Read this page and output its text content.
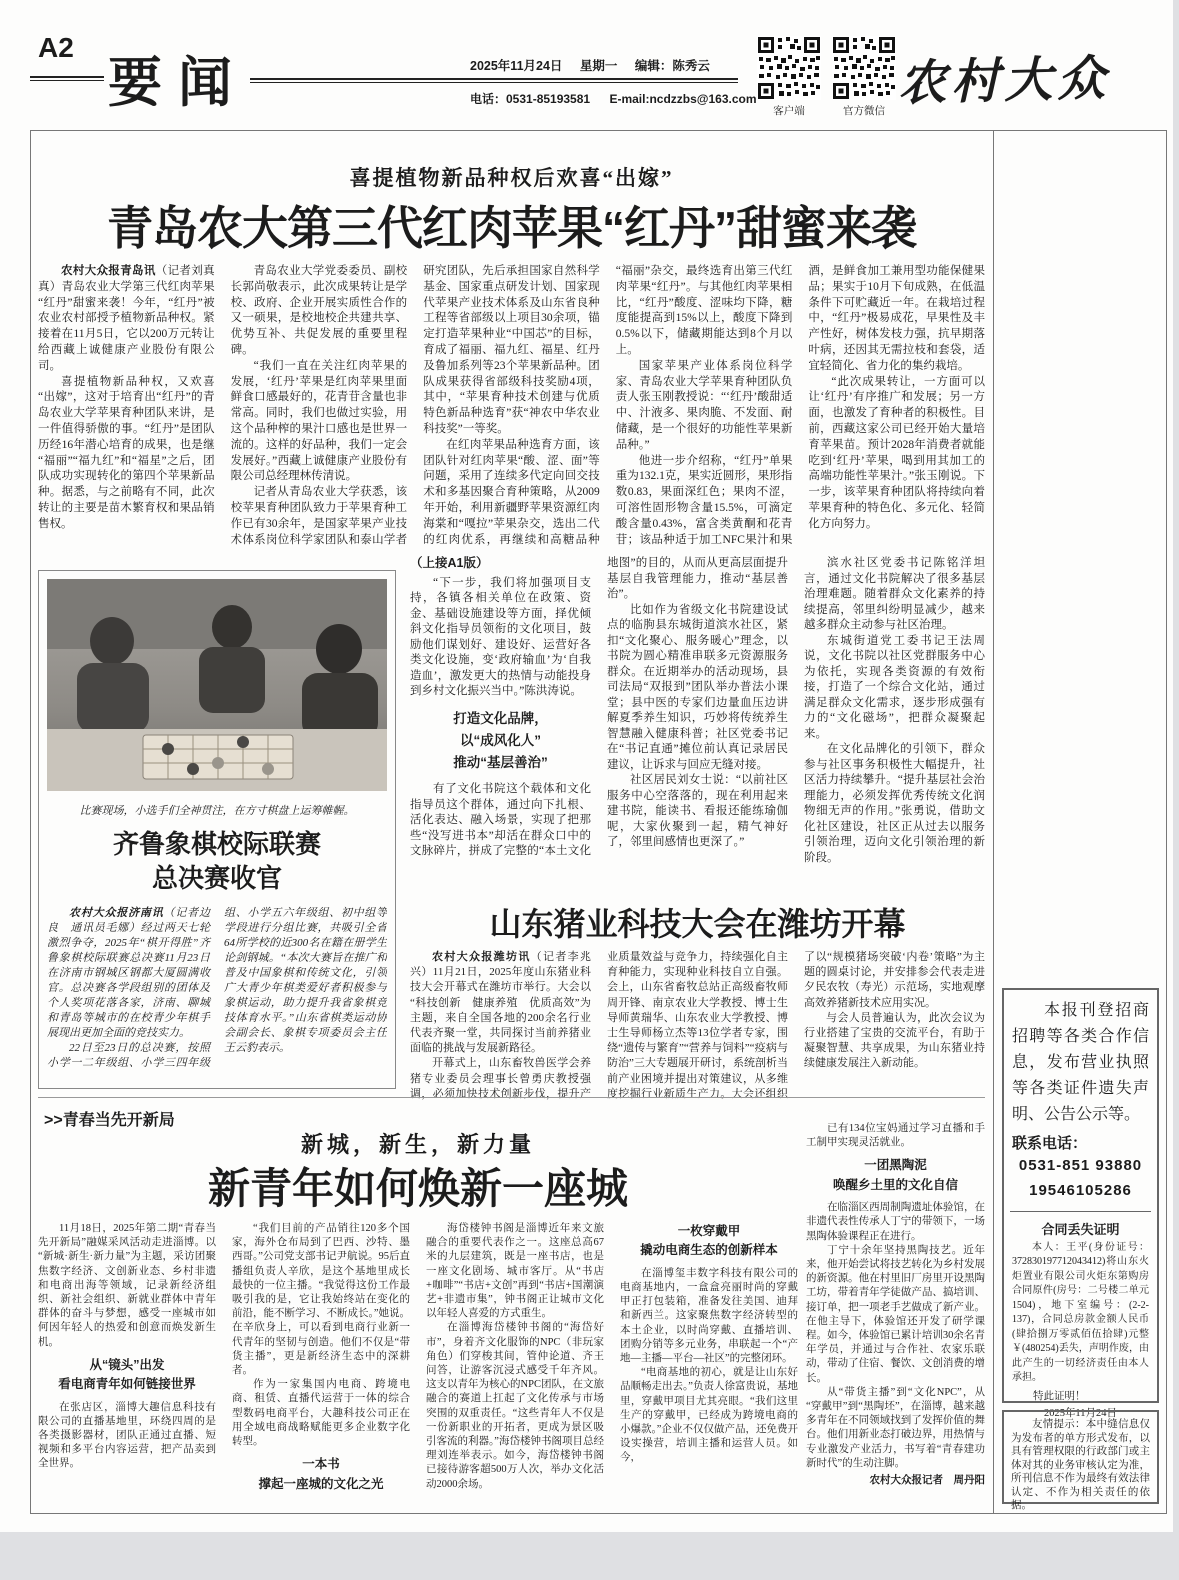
A2
要闻	2025年11月24日 星期一 编辑：陈秀云
电话：0531-85193581 E-mail:ncdzzbs@163.com
客户端	官方微信
农村大众
喜提植物新品种权后欢喜“出嫁”
青岛农大第三代红肉苹果“红丹”甜蜜来袭

农村大众报青岛讯（记者刘真真）青岛农业大学第三代红肉苹果“红丹”甜蜜来袭！今年，“红丹”被农业农村部授予植物新品种权。紧接着在11月5日，它以200万元转让给西藏上诚健康产业股份有限公司。

喜提植物新品种权，又欢喜“出嫁”，这对于培育出“红丹”的青岛农业大学苹果育种团队来讲，是一件值得骄傲的事。“红丹”是团队历经16年潜心培育的成果，也是继“福丽”“福九红”和“福星”之后，团队成功实现转化的第四个苹果新品种。据悉，与之前略有不同，此次转让的主要是苗木繁育权和果品销售权。

青岛农业大学党委委员、副校长郭尚敬表示，此次成果转让是学校、政府、企业开展实质性合作的又一硕果，是校地校企共建共享、优势互补、共促发展的重要里程碑。

“我们一直在关注红肉苹果的发展，‘红丹’苹果是红肉苹果里面鲜食口感最好的，花青苷含量也非常高。同时，我们也做过实验，用这个品种榨的果汁口感也是世界一流的。这样的好品种，我们一定会发展好。”西藏上诚健康产业股份有限公司总经理林传清说。

记者从青岛农业大学获悉，该校苹果育种团队致力于苹果育种工作已有30余年，是国家苹果产业技术体系岗位科学家团队和泰山学者研究团队，先后承担国家自然科学基金、国家重点研发计划、国家现代苹果产业技术体系及山东省良种工程等省部级以上项目30余项，锚定打造苹果种业“中国芯”的目标，育成了福丽、福九红、福星、红丹及鲁加系列等23个苹果新品种。团队成果获得省部级科技奖励4项，其中，“苹果育种技术创建与优质特色新品种选育”获“神农中华农业科技奖”一等奖。

在红肉苹果品种选育方面，该团队针对红肉苹果“酸、涩、面”等问题，采用了连续多代定向回交技术和多基因聚合育种策略，从2009年开始，利用新疆野苹果资源红肉海棠和“嘎拉”苹果杂交，选出二代的红肉优系，再继续和高糖品种“福丽”杂交，最终选育出第三代红肉苹果“红丹”。与其他红肉苹果相比，“红丹”酸度、涩味均下降，糖度能提高到15%以上，酸度下降到0.5%以下，储藏期能达到8个月以上。

国家苹果产业体系岗位科学家、青岛农业大学苹果育种团队负责人张玉刚教授说：“‘红丹’酸甜适中、汁液多、果肉脆、不发面、耐储藏，是一个很好的功能性苹果新品种。”

他进一步介绍称，“红丹”单果重为132.1克，果实近圆形，果形指数0.83，果面深红色；果肉不涩，可溶性固形物含量15.5%，可滴定酸含量0.43%，富含类黄酮和花青苷；该品种适于加工NFC果汁和果酒，是鲜食加工兼用型功能保健果品；果实于10月下旬成熟，在低温条件下可贮藏近一年。在栽培过程中，“红丹”极易成花，早果性及丰产性好，树体发枝力强，抗早期落叶病，还因其无需拉枝和套袋，适宜轻简化、省力化的集约栽培。

“此次成果转让，一方面可以让‘红丹’有序推广和发展；另一方面，也激发了育种者的积极性。目前，西藏这家公司已经开始大量培育苹果苗。预计2028年消费者就能吃到‘红丹’苹果，喝到用其加工的高端功能性苹果汁。”张玉刚说。下一步，该苹果育种团队将持续向着苹果育种的特色化、多元化、轻简化方向努力。

比赛现场，小选手们全神贯注，在方寸棋盘上运筹帷幄。
齐鲁象棋校际联赛
总决赛收官

农村大众报济南讯（记者边良　通讯员毛娜）经过两天七轮激烈争夺，2025年“棋开得胜”齐鲁象棋校际联赛总决赛11月23日在济南市钢城区钢都大厦圆满收官。总决赛各学段组别的团体及个人奖项花落各家，济南、聊城和青岛等城市的在校青少年棋手展现出更加全面的竞技实力。

22日至23日的总决赛，按照小学一二年级组、小学三四年级组、小学五六年级组、初中组等学段进行分组比赛，共吸引全省64所学校的近300名在籍在册学生论剑钢城。“本次大赛旨在推广和普及中国象棋和传统文化，引领广大青少年棋类爱好者积极参与象棋运动，助力提升我省象棋竞技体育水平。”山东省棋类运动协会副会长、象棋专项委员会主任王云豹表示。

（上接A1版）

“下一步，我们将加强项目支持，各镇各相关单位在政策、资金、基础设施建设等方面，择优倾斜文化指导员领衔的文化项目，鼓励他们谋划好、建设好、运营好各类文化设施，变‘政府输血’为‘自我造血’，激发更大的热情与动能投身到乡村文化振兴当中。”陈洪涛说。

打造文化品牌，
以“成风化人”
推动“基层善治”

有了文化书院这个载体和文化指导员这个群体，通过向下扎根、活化表达、融入场景，实现了把那些“没写进书本”却活在群众口中的文脉碎片，拼成了完整的“本土文化地图”的目的，从而从更高层面提升基层自我管理能力，推动“基层善治”。

比如作为省级文化书院建设试点的临朐县东城街道滨水社区，紧扣“文化聚心、服务暖心”理念，以书院为圆心精准串联多元资源服务群众。在近期举办的活动现场，县司法局“双报到”团队举办普法小课堂；县中医的专家们边量血压边讲解夏季养生知识，巧妙将传统养生智慧融入健康科普；社区党委书记在“书记直通”摊位前认真记录居民建议，让诉求与回应无缝对接。

社区居民刘女士说：“以前社区服务中心空落落的，现在利用起来建书院，能读书、看报还能练瑜伽呢，大家伙聚到一起，精气神好了，邻里间感情也更深了。”

滨水社区党委书记陈铭洋坦言，通过文化书院解决了很多基层治理难题。随着群众文化素养的持续提高，邻里纠纷明显减少，越来越多群众主动参与社区治理。

东城街道党工委书记王法周说，文化书院以社区党群服务中心为依托，实现各类资源的有效衔接，打造了一个综合文化站，通过满足群众文化需求，逐步形成强有力的“文化磁场”，把群众凝聚起来。

在文化品牌化的引领下，群众参与社区事务积极性大幅提升，社区活力持续攀升。“提升基层社会治理能力，必须发挥优秀传统文化润物细无声的作用。”张勇说，借助文化社区建设，社区正从过去以服务引领治理，迈向文化引领治理的新阶段。

山东猪业科技大会在潍坊开幕

农村大众报潍坊讯（记者李兆兴）11月21日，2025年度山东猪业科技大会开幕式在潍坊市举行。大会以“科技创新　健康养殖　优质高效”为主题，来自全国各地的200余名行业代表齐聚一堂，共同探讨当前养猪业面临的挑战与发展新路径。

开幕式上，山东畜牧兽医学会养猪专业委员会理事长曾勇庆教授强调，必须加快技术创新步伐，提升产业质量效益与竞争力，持续强化自主育种能力，实现种业科技自立自强。会上，山东省畜牧总站正高级畜牧师周开锋、南京农业大学教授、博士生导师黄瑞华、山东农业大学教授、博士生导师杨立杰等13位学者专家，围绕“遗传与繁育”“营养与饲料”“疫病与防治”三大专题展开研讨，系统剖析当前产业困境并提出对策建议，从多维度挖掘行业新质生产力。大会还组织了以“规模猪场突破‘内卷’策略”为主题的圆桌讨论，并安排参会代表走进夕民农牧（寿光）示范场，实地观摩高效养猪新技术应用实况。

与会人员普遍认为，此次会议为行业搭建了宝贵的交流平台，有助于凝聚智慧、共享成果，为山东猪业持续健康发展注入新动能。

>>青春当先开新局
新城，新生，新力量
新青年如何焕新一座城

11月18日，2025年第二期“青春当先开新局”融媒采风活动走进淄博。以“新城·新生·新力量”为主题，采访团聚焦数字经济、文创新业态、乡村非遗和电商出海等领域，记录新经济组织、新社会组织、新就业群体中青年群体的奋斗与梦想，感受一座城市如何因年轻人的热爱和创意而焕发新生机。

从“镜头”出发
看电商青年如何链接世界

在张店区，淄博大趣信息科技有限公司的直播基地里，环绕四周的是各类摄影器材，团队正通过直播、短视频和多平台内容运营，把产品卖到全世界。

“我们目前的产品销往120多个国家，海外仓布局到了巴西、沙特、墨西哥。”公司党支部书记尹航说。95后直播组负责人辛欣，是这个基地里成长最快的一位主播。“我觉得这份工作最吸引我的是，它让我始终站在变化的前沿，能不断学习、不断成长。”她说。在辛欣身上，可以看到电商行业新一代青年的坚韧与创造。他们不仅是“带货主播”，更是新经济生态中的深耕者。

作为一家集国内电商、跨境电商、租赁、直播代运营于一体的综合型数码电商平台，大趣科技公司正在用全域电商战略赋能更多企业数字化转型。

一本书
撑起一座城的文化之光

海岱楼钟书阁是淄博近年来文旅融合的重要代表作之一。这座总高67米的九层建筑，既是一座书店，也是一座文化剧场、城市客厅。从“书店+咖啡”“书店+文创”再到“书店+国潮演艺+非遗市集”，钟书阁正让城市文化以年轻人喜爱的方式重生。

在淄博海岱楼钟书阁的“海岱好市”，身着齐文化服饰的NPC（非玩家角色）们穿梭其间，管仲论道、齐王问答，让游客沉浸式感受千年齐风。这支以青年为核心的NPC团队，在文旅融合的赛道上扛起了文化传承与市场突围的双重责任。“这些青年人不仅是一份新职业的开拓者，更成为景区吸引客流的利器。”海岱楼钟书阁项目总经理刘连举表示。如今，海岱楼钟书阁已接待游客超500万人次，举办文化活动2000余场。

一枚穿戴甲
撬动电商生态的创新样本

在淄博玺丰数字科技有限公司的电商基地内，一盒盒亮丽时尚的穿戴甲正打包装箱，准备发往美国、迪拜和新西兰。这家聚焦数字经济转型的本土企业，以时尚穿戴、直播培训、团购分销等多元业务，串联起一个“产地—主播—平台—社区”的完整闭环。

“电商基地的初心，就是让山东好品顺畅走出去。”负责人徐富贵说，基地里，穿戴甲项目尤其亮眼。“我们这里生产的穿戴甲，已经成为跨境电商的小爆款。”企业不仅仅做产品，还免费开设实操营，培训主播和运营人员。如今，

已有134位宝妈通过学习直播和手工制甲实现灵活就业。

一团黑陶泥
唤醒乡土里的文化自信

在临淄区西周制陶遗址体验馆，在非遗代表性传承人丁宁的带领下，一场黑陶体验课程正在进行。

丁宁十余年坚持黑陶技艺。近年来，他开始尝试将技艺转化为乡村发展的新资源。他在村里旧厂房里开设黑陶工坊，带着青年学徒做产品、搞培训、接订单，把一项老手艺做成了新产业。在他主导下，体验馆还开发了研学课程。如今，体验馆已累计培训30余名青年学员，并通过与合作社、农家乐联动，带动了住宿、餐饮、文创消费的增长。

从“带货主播”到“文化NPC”，从“穿戴甲”到“黑陶坯”，在淄博，越来越多青年在不同领域找到了发挥价值的舞台。他们用新业态打破边界，用热情与专业激发产业活力，书写着“青春建功新时代”的生动注脚。

农村大众报记者　周丹阳

本报刊登招商招聘等各类合作信息，发布营业执照等各类证件遗失声明、公告公示等。

联系电话：

0531-851 93880

19546105286

合同丢失证明

本人：王平(身份证号：372830197712043412)将山东火炬置业有限公司火炬东第购房合同原件(房号：二号楼二单元1504)，地下室编号：(2-2-137)，合同总房款金额人民币(肆拾捌万零贰佰伍拾肆)元整￥(480254)丢失，声明作废，由此产生的一切经济责任由本人承担。

特此证明！

2025年11月24日

友情提示：本中缝信息仅为发布者的单方形式发布，以具有管理权限的行政部门或主体对其的业务审核认定为准，所刊信息不作为最终有效法律认定、不作为相关责任的依据。
